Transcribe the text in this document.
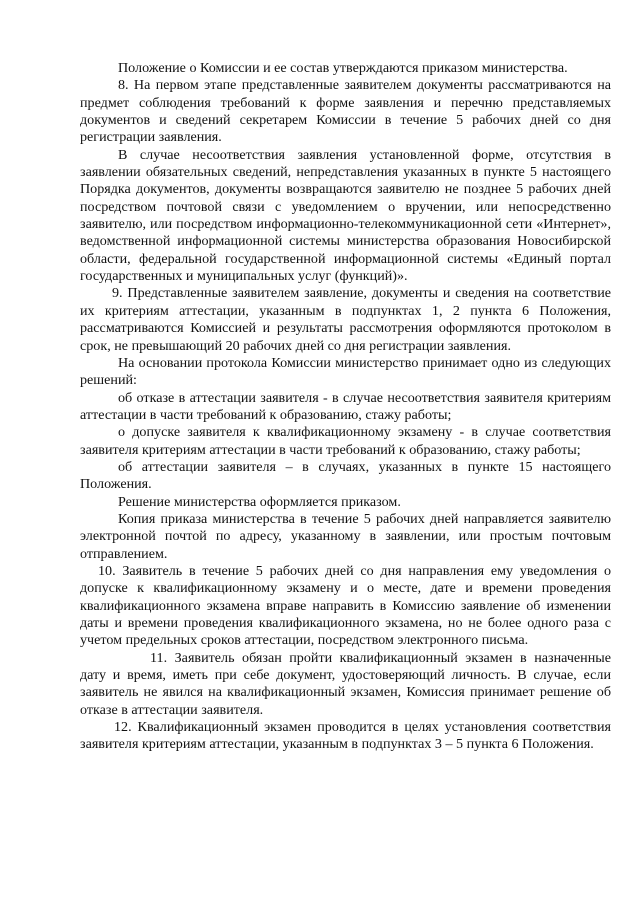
Положение о Комиссии и ее состав утверждаются приказом министерства.

8. На первом этапе представленные заявителем документы рассматриваются на предмет соблюдения требований к форме заявления и перечню представляемых документов и сведений секретарем Комиссии в течение 5 рабочих дней со дня регистрации заявления.

В случае несоответствия заявления установленной форме, отсутствия в заявлении обязательных сведений, непредставления указанных в пункте 5 настоящего Порядка документов, документы возвращаются заявителю не позднее 5 рабочих дней посредством почтовой связи с уведомлением о вручении, или непосредственно заявителю, или посредством информационно-телекоммуникационной сети «Интернет», ведомственной информационной системы министерства образования Новосибирской области, федеральной государственной информационной системы «Единый портал государственных и муниципальных услуг (функций)».

9. Представленные заявителем заявление, документы и сведения на соответствие их критериям аттестации, указанным в подпунктах 1, 2 пункта 6 Положения, рассматриваются Комиссией и результаты рассмотрения оформляются протоколом в срок, не превышающий 20 рабочих дней со дня регистрации заявления.

На основании протокола Комиссии министерство принимает одно из следующих решений:

об отказе в аттестации заявителя - в случае несоответствия заявителя критериям аттестации в части требований к образованию, стажу работы;

о допуске заявителя к квалификационному экзамену - в случае соответствия заявителя критериям аттестации в части требований к образованию, стажу работы;

об аттестации заявителя – в случаях, указанных в пункте 15 настоящего Положения.

Решение министерства оформляется приказом.

Копия приказа министерства в течение 5 рабочих дней направляется заявителю электронной почтой по адресу, указанному в заявлении, или простым почтовым отправлением.

10. Заявитель в течение 5 рабочих дней со дня направления ему уведомления о допуске к квалификационному экзамену и о месте, дате и времени проведения квалификационного экзамена вправе направить в Комиссию заявление об изменении даты и времени проведения квалификационного экзамена, но не более одного раза с учетом предельных сроков аттестации, посредством электронного письма.

11. Заявитель обязан пройти квалификационный экзамен в назначенные дату и время, иметь при себе документ, удостоверяющий личность. В случае, если заявитель не явился на квалификационный экзамен, Комиссия принимает решение об отказе в аттестации заявителя.

12. Квалификационный экзамен проводится в целях установления соответствия заявителя критериям аттестации, указанным в подпунктах 3 – 5 пункта 6 Положения.
